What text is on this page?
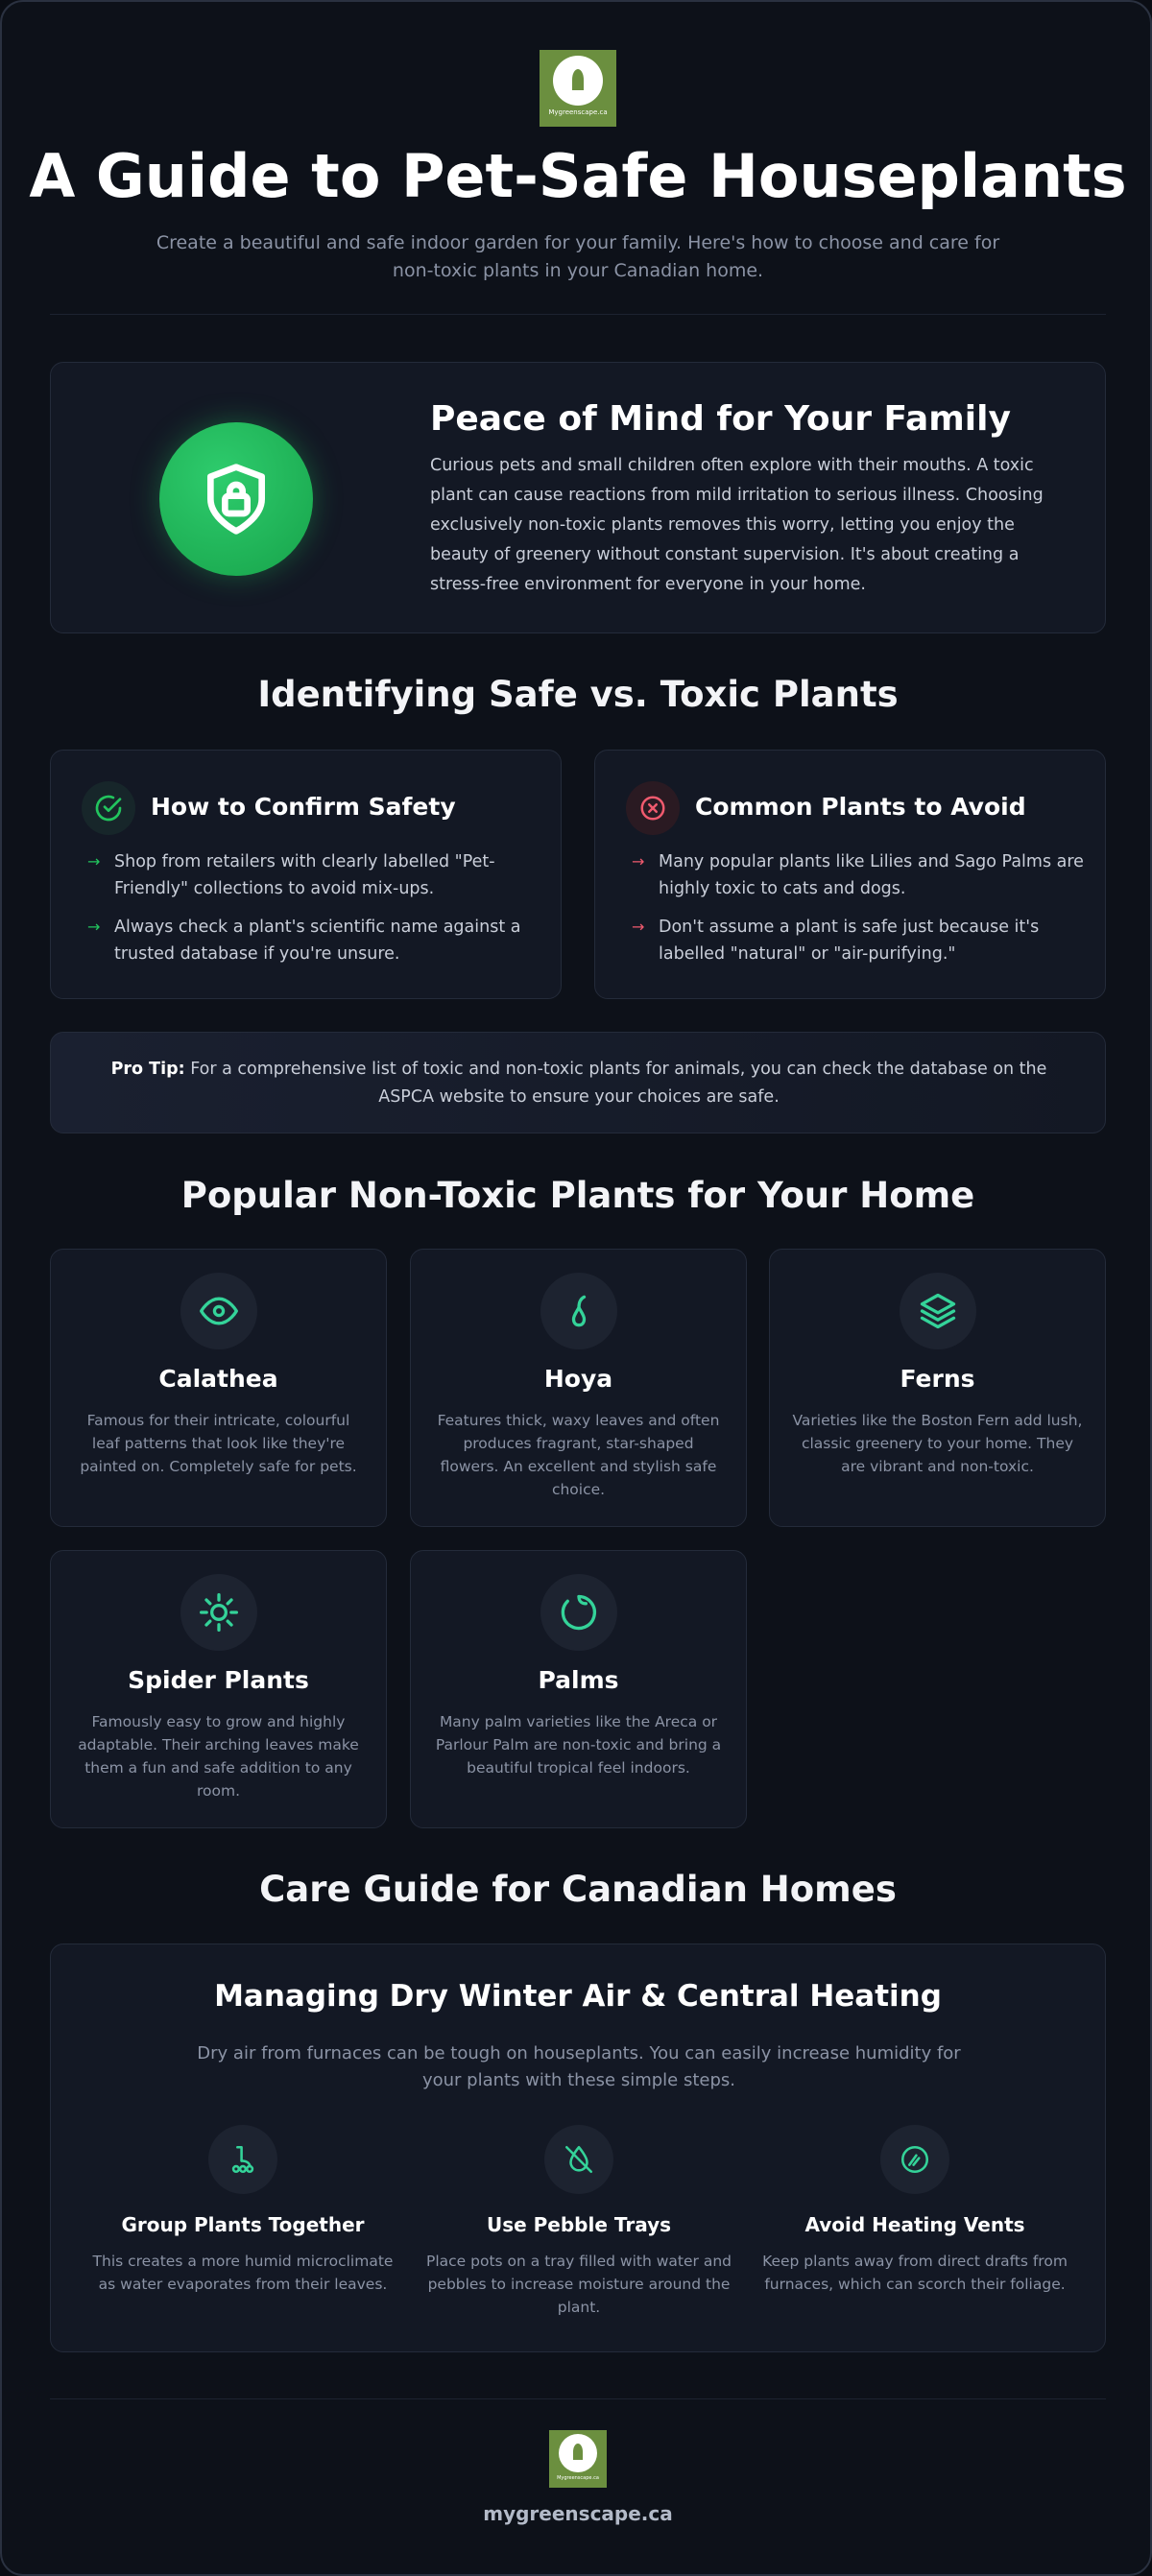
Mygreenscape.ca
A Guide to Pet-Safe Houseplants
Create a beautiful and safe indoor garden for your family. Here's how to choose and care for non-toxic plants in your Canadian home.
Peace of Mind for Your Family
Curious pets and small children often explore with their mouths. A toxic plant can cause reactions from mild irritation to serious illness. Choosing exclusively non-toxic plants removes this worry, letting you enjoy the beauty of greenery without constant supervision. It's about creating a stress-free environment for everyone in your home.
Identifying Safe vs. Toxic Plants
How to Confirm Safety
→ Shop from retailers with clearly labelled "Pet-Friendly" collections to avoid mix-ups.
→ Always check a plant's scientific name against a trusted database if you're unsure.
Common Plants to Avoid
→ Many popular plants like Lilies and Sago Palms are highly toxic to cats and dogs.
→ Don't assume a plant is safe just because it's labelled "natural" or "air-purifying."

Pro Tip: For a comprehensive list of toxic and non-toxic plants for animals, you can check the database on the ASPCA website to ensure your choices are safe.

Popular Non-Toxic Plants for Your Home
Calathea
Famous for their intricate, colourful leaf patterns that look like they're painted on. Completely safe for pets.
Hoya
Features thick, waxy leaves and often produces fragrant, star-shaped flowers. An excellent and stylish safe choice.
Ferns
Varieties like the Boston Fern add lush, classic greenery to your home. They are vibrant and non-toxic.
Spider Plants
Famously easy to grow and highly adaptable. Their arching leaves make them a fun and safe addition to any room.
Palms
Many palm varieties like the Areca or Parlour Palm are non-toxic and bring a beautiful tropical feel indoors.
Care Guide for Canadian Homes
Managing Dry Winter Air & Central Heating
Dry air from furnaces can be tough on houseplants. You can easily increase humidity for your plants with these simple steps.
Group Plants Together
This creates a more humid microclimate as water evaporates from their leaves.
Use Pebble Trays
Place pots on a tray filled with water and pebbles to increase moisture around the plant.
Avoid Heating Vents
Keep plants away from direct drafts from furnaces, which can scorch their foliage.
Mygreenscape.ca
mygreenscape.ca
